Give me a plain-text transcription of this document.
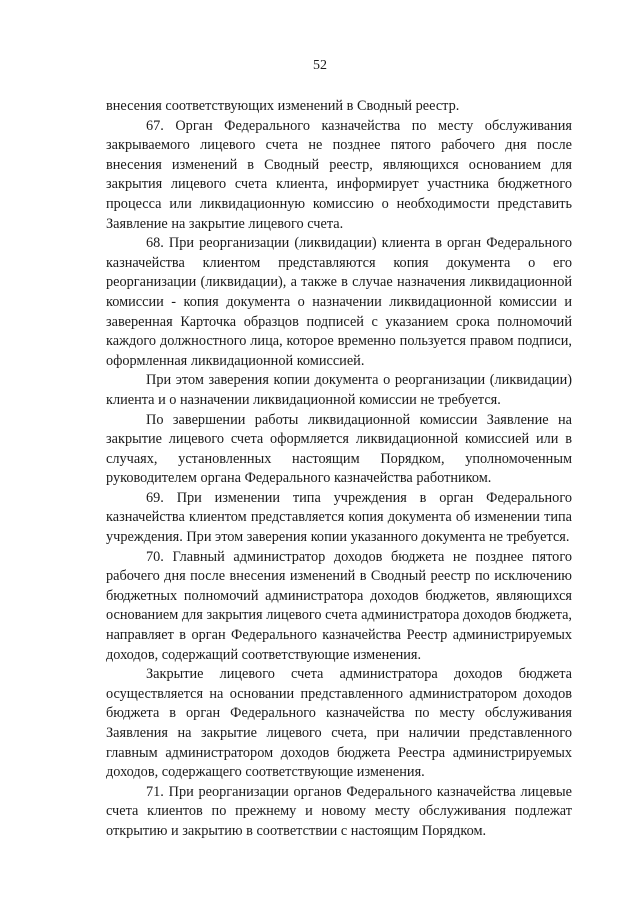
52

внесения соответствующих изменений в Сводный реестр.

67. Орган Федерального казначейства по месту обслуживания закрываемого лицевого счета не позднее пятого рабочего дня после внесения изменений в Сводный реестр, являющихся основанием для закрытия лицевого счета клиента, информирует участника бюджетного процесса или ликвидационную комиссию о необходимости представить Заявление на закрытие лицевого счета.

68. При реорганизации (ликвидации) клиента в орган Федерального казначейства клиентом представляются копия документа о его реорганизации (ликвидации), а также в случае назначения ликвидационной комиссии - копия документа о назначении ликвидационной комиссии и заверенная Карточка образцов подписей с указанием срока полномочий каждого должностного лица, которое временно пользуется правом подписи, оформленная ликвидационной комиссией.

При этом заверения копии документа о реорганизации (ликвидации) клиента и о назначении ликвидационной комиссии не требуется.

По завершении работы ликвидационной комиссии Заявление на закрытие лицевого счета оформляется ликвидационной комиссией или в случаях, установленных настоящим Порядком, уполномоченным руководителем органа Федерального казначейства работником.

69. При изменении типа учреждения в орган Федерального казначейства клиентом представляется копия документа об изменении типа учреждения. При этом заверения копии указанного документа не требуется.

70. Главный администратор доходов бюджета не позднее пятого рабочего дня после внесения изменений в Сводный реестр по исключению бюджетных полномочий администратора доходов бюджетов, являющихся основанием для закрытия лицевого счета администратора доходов бюджета, направляет в орган Федерального казначейства Реестр администрируемых доходов, содержащий соответствующие изменения.

Закрытие лицевого счета администратора доходов бюджета осуществляется на основании представленного администратором доходов бюджета в орган Федерального казначейства по месту обслуживания Заявления на закрытие лицевого счета, при наличии представленного главным администратором доходов бюджета Реестра администрируемых доходов, содержащего соответствующие изменения.

71. При реорганизации органов Федерального казначейства лицевые счета клиентов по прежнему и новому месту обслуживания подлежат открытию и закрытию в соответствии с настоящим Порядком.
